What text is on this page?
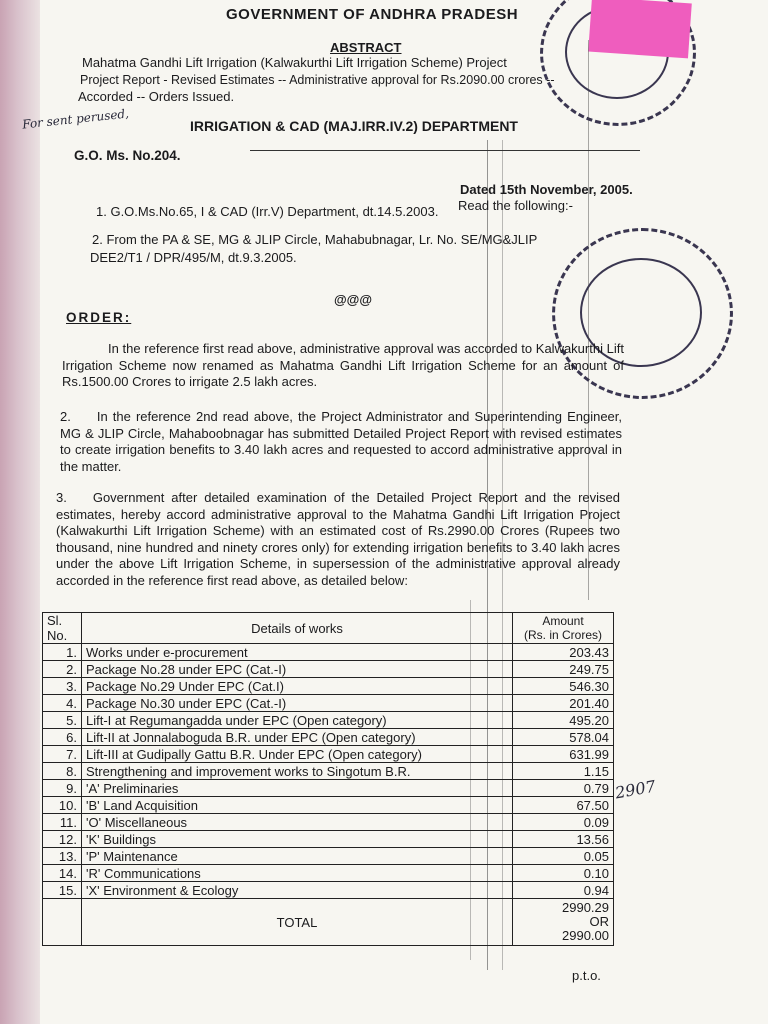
GOVERNMENT OF ANDHRA PRADESH
ABSTRACT
Mahatma Gandhi Lift Irrigation (Kalwakurthi Lift Irrigation Scheme) Project
Project Report - Revised Estimates -- Administrative approval for Rs.2090.00 crores --
Accorded -- Orders Issued.
IRRIGATION & CAD (MAJ.IRR.IV.2) DEPARTMENT
G.O. Ms. No.204.
Dated 15th November, 2005.
Read the following:-
1. G.O.Ms.No.65, I & CAD (Irr.V) Department, dt.14.5.2003.
2. From the PA & SE, MG & JLIP Circle, Mahabubnagar, Lr. No. SE/MG&JLIP
DEE2/T1 / DPR/495/M, dt.9.3.2005.
@@@
ORDER:
In the reference first read above, administrative approval was accorded to Kalwakurthi Lift Irrigation Scheme now renamed as Mahatma Gandhi Lift Irrigation Scheme for an amount of Rs.1500.00 Crores to irrigate 2.5 lakh acres.
2. In the reference 2nd read above, the Project Administrator and Superintending Engineer, MG & JLIP Circle, Mahaboobnagar has submitted Detailed Project Report with revised estimates to create irrigation benefits to 3.40 lakh acres and requested to accord administrative approval in the matter.
3. Government after detailed examination of the Detailed Project Report and the revised estimates, hereby accord administrative approval to the Mahatma Gandhi Lift Irrigation Project (Kalwakurthi Lift Irrigation Scheme) with an estimated cost of Rs.2990.00 Crores (Rupees two thousand, nine hundred and ninety crores only) for extending irrigation benefits to 3.40 lakh acres under the above Lift Irrigation Scheme, in supersession of the administrative approval already accorded in the reference first read above, as detailed below:
Sl. No.	Details of works	Amount
(Rs. in Crores)

1.	Works under e-procurement	203.43
2.	Package No.28 under EPC (Cat.-I)	249.75
3.	Package No.29 Under EPC (Cat.I)	546.30
4.	Package No.30 under EPC (Cat.-I)	201.40
5.	Lift-I at Regumangadda under EPC (Open category)	495.20
6.	Lift-II at Jonnalaboguda B.R. under EPC (Open category)	578.04
7.	Lift-III at Gudipally Gattu B.R. Under EPC (Open category)	631.99
8.	Strengthening and improvement works to Singotum B.R.	1.15
9.	'A' Preliminaries	0.79
10.	'B' Land Acquisition	67.50
11.	'O' Miscellaneous	0.09
12.	'K' Buildings	13.56
13.	'P' Maintenance	0.05
14.	'R' Communications	0.10
15.	'X' Environment & Ecology	0.94
	TOTAL	2990.29
OR
2990.00
p.t.o.
For sent perused,
2907
